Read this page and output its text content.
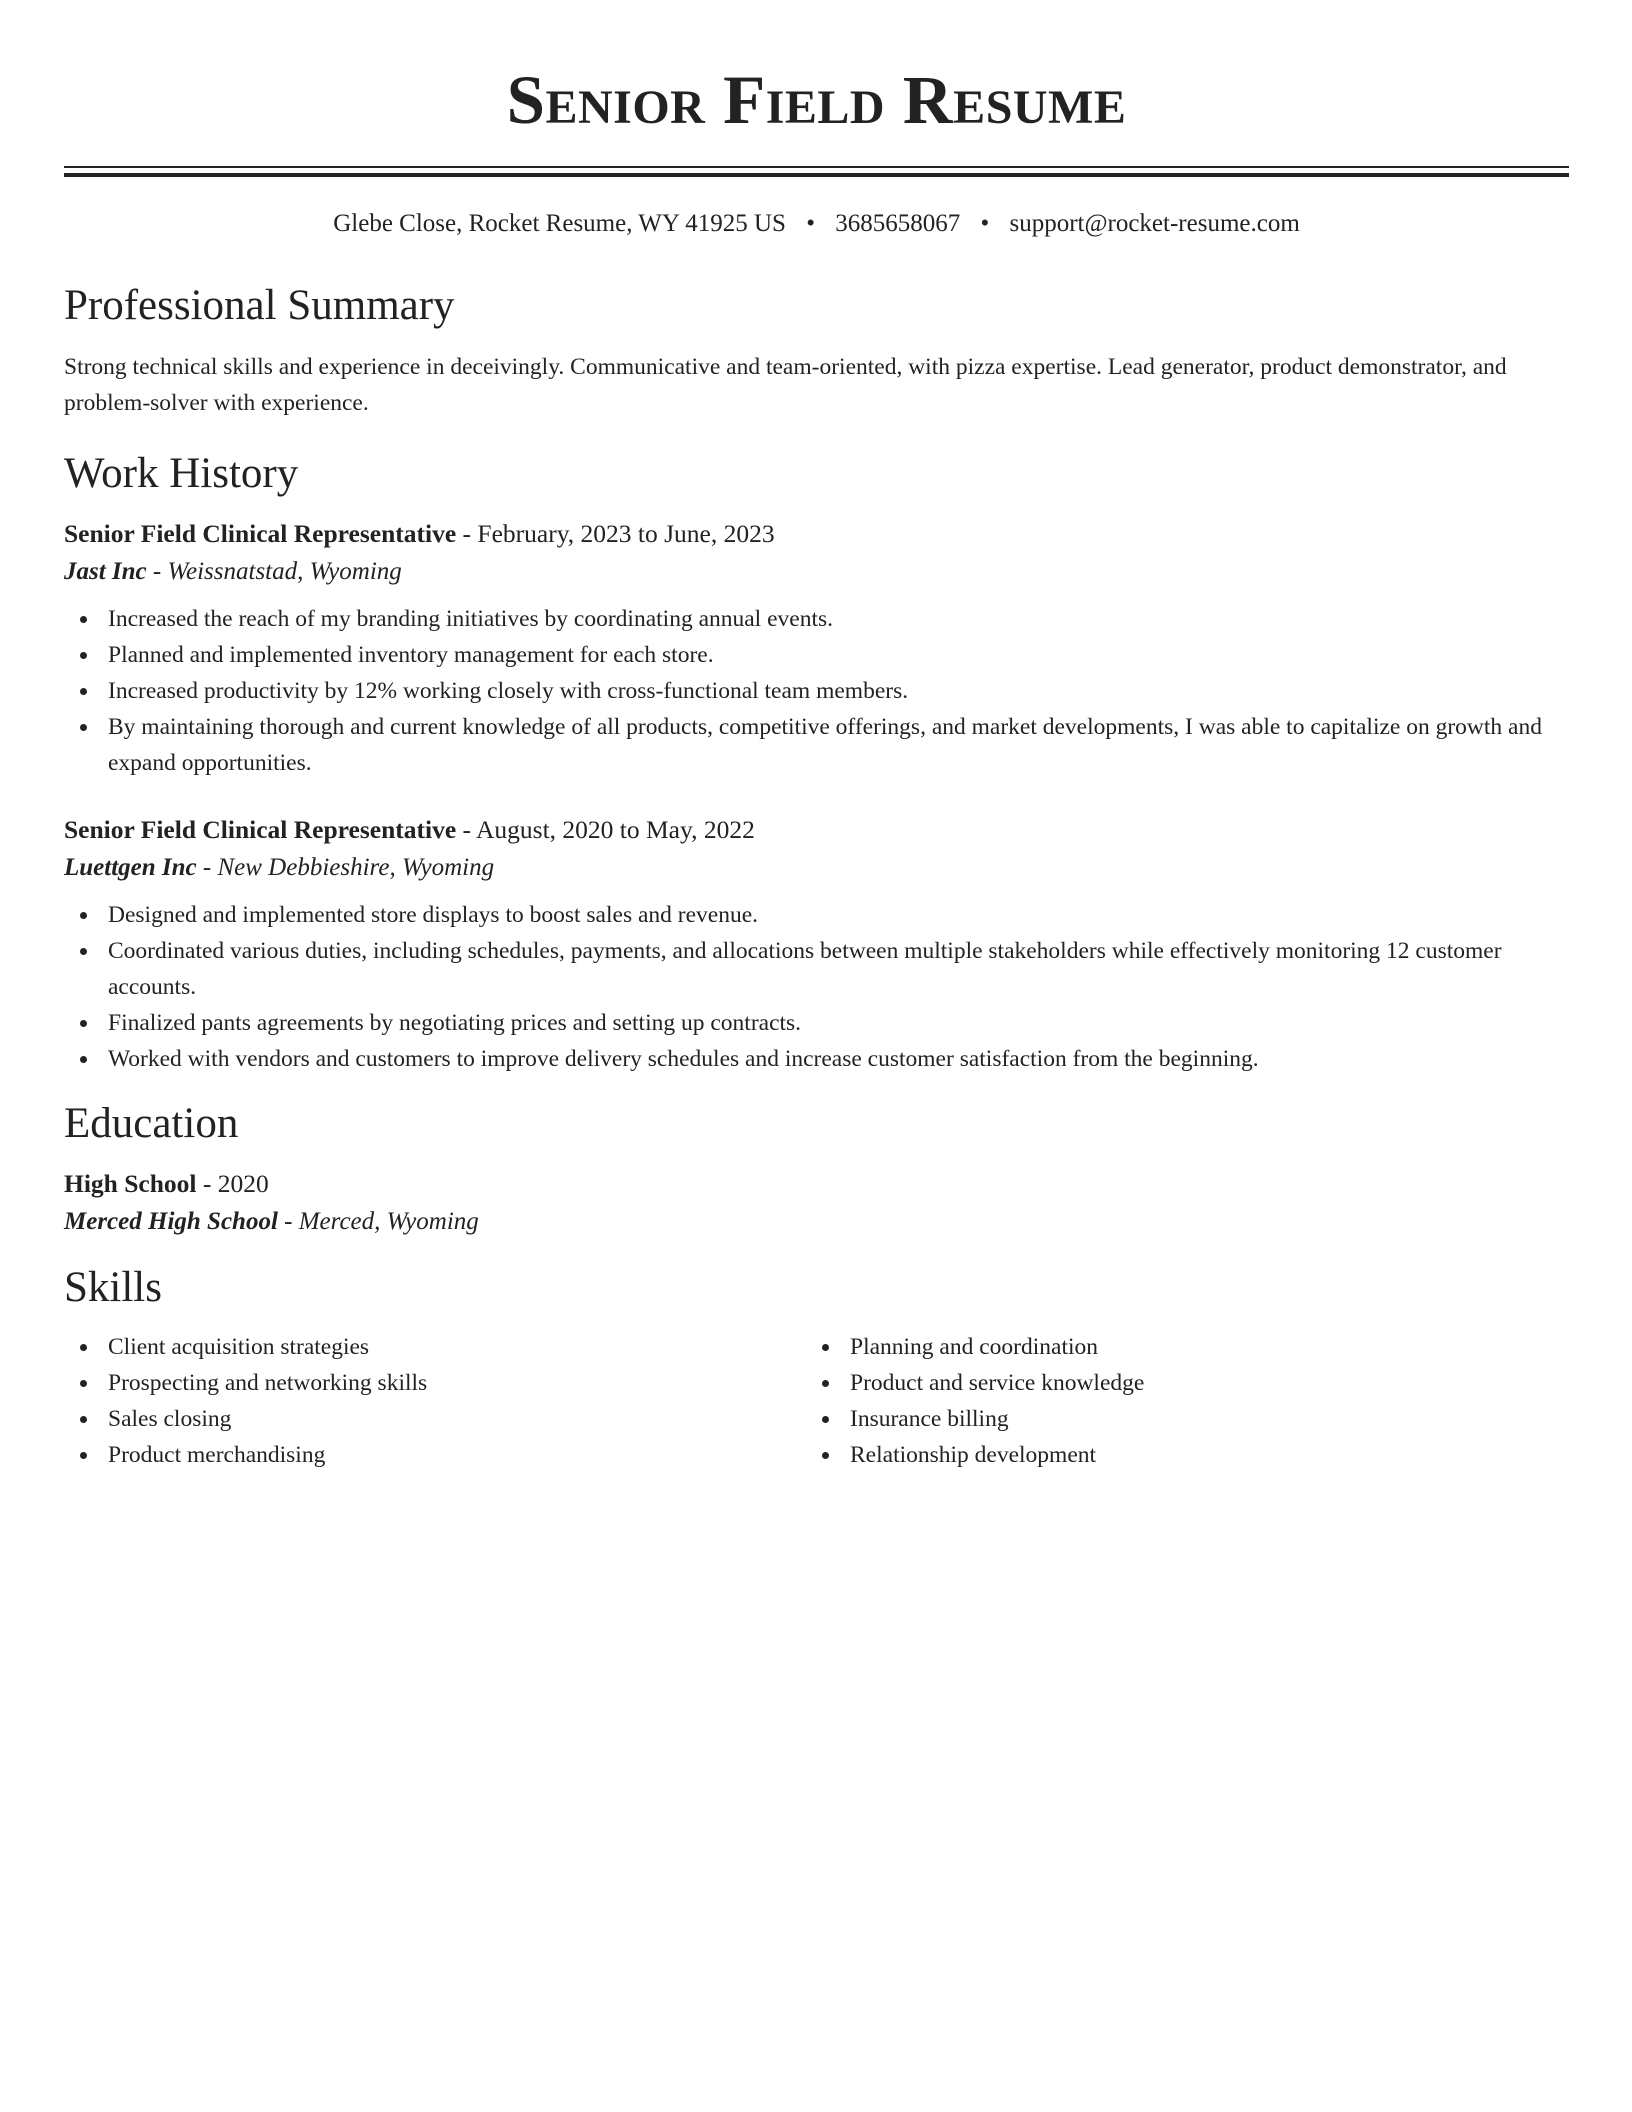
Senior Field Resume
Glebe Close, Rocket Resume, WY 41925 US • 3685658067 • support@rocket-resume.com
Professional Summary
Strong technical skills and experience in deceivingly. Communicative and team-oriented, with pizza expertise. Lead generator, product demonstrator, and problem-solver with experience.
Work History
Senior Field Clinical Representative - February, 2023 to June, 2023
Jast Inc - Weissnatstad, Wyoming
Increased the reach of my branding initiatives by coordinating annual events.
Planned and implemented inventory management for each store.
Increased productivity by 12% working closely with cross-functional team members.
By maintaining thorough and current knowledge of all products, competitive offerings, and market developments, I was able to capitalize on growth and expand opportunities.
Senior Field Clinical Representative - August, 2020 to May, 2022
Luettgen Inc - New Debbieshire, Wyoming
Designed and implemented store displays to boost sales and revenue.
Coordinated various duties, including schedules, payments, and allocations between multiple stakeholders while effectively monitoring 12 customer accounts.
Finalized pants agreements by negotiating prices and setting up contracts.
Worked with vendors and customers to improve delivery schedules and increase customer satisfaction from the beginning.
Education
High School - 2020
Merced High School - Merced, Wyoming
Skills
Client acquisition strategies
Prospecting and networking skills
Sales closing
Product merchandising
Planning and coordination
Product and service knowledge
Insurance billing
Relationship development
